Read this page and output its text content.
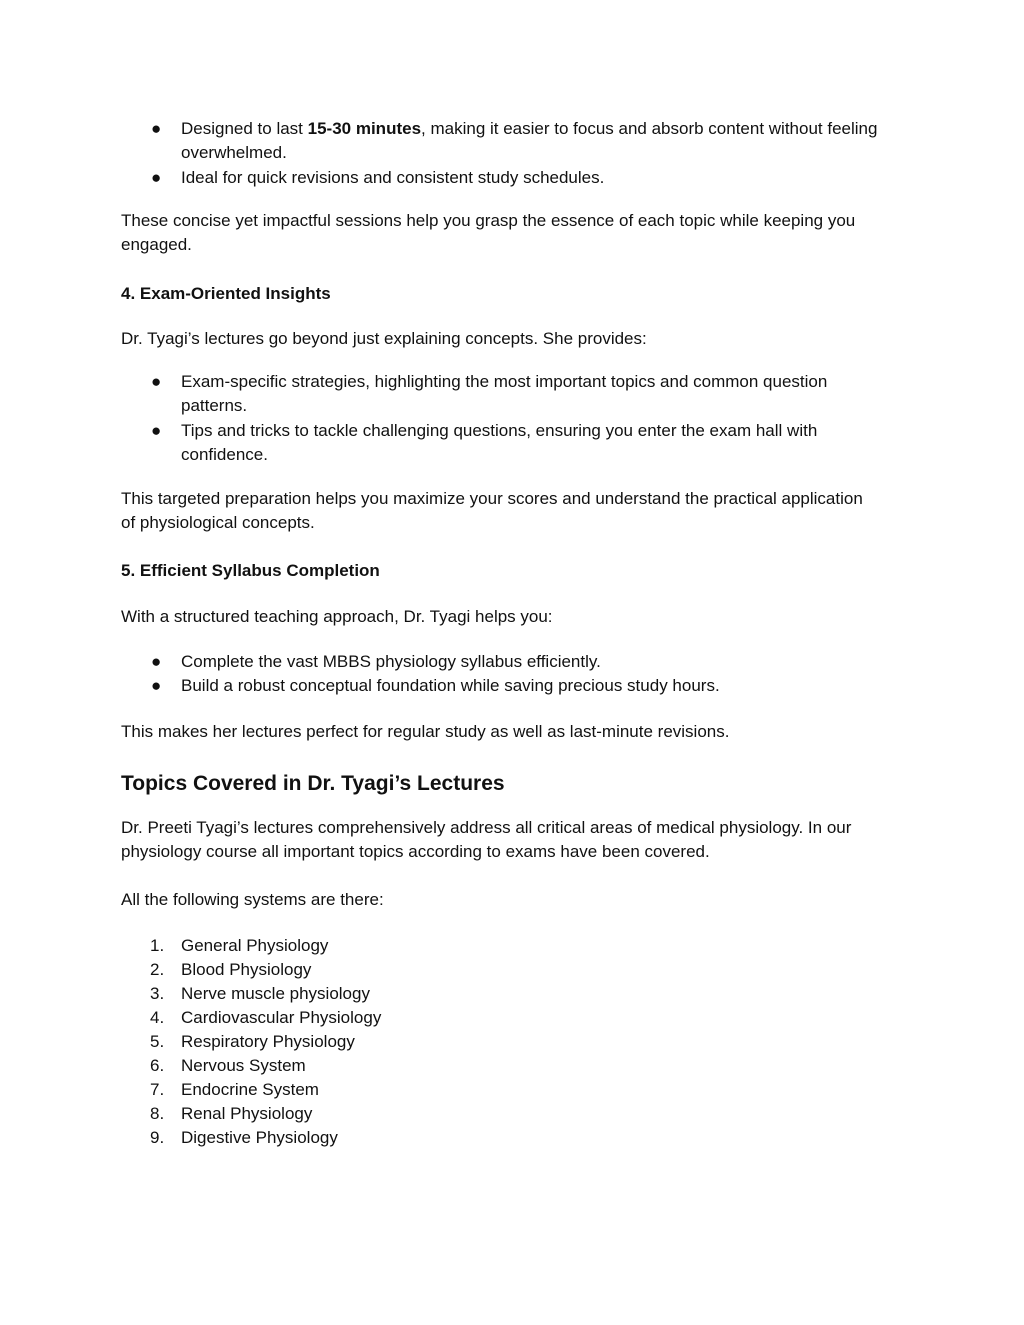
●	Designed to last 15-30 minutes, making it easier to focus and absorb content without feeling overwhelmed.
●	Ideal for quick revisions and consistent study schedules.

These concise yet impactful sessions help you grasp the essence of each topic while keeping you engaged.

4. Exam-Oriented Insights

Dr. Tyagi’s lectures go beyond just explaining concepts. She provides:

●	Exam-specific strategies, highlighting the most important topics and common question patterns.
●	Tips and tricks to tackle challenging questions, ensuring you enter the exam hall with confidence.

This targeted preparation helps you maximize your scores and understand the practical application of physiological concepts.

5. Efficient Syllabus Completion

With a structured teaching approach, Dr. Tyagi helps you:

●	Complete the vast MBBS physiology syllabus efficiently.
●	Build a robust conceptual foundation while saving precious study hours.

This makes her lectures perfect for regular study as well as last-minute revisions.

Topics Covered in Dr. Tyagi’s Lectures

Dr. Preeti Tyagi’s lectures comprehensively address all critical areas of medical physiology. In our physiology course all important topics according to exams have been covered.

All the following systems are there:

1. General Physiology
2. Blood Physiology
3. Nerve muscle physiology
4. Cardiovascular Physiology
5. Respiratory Physiology
6. Nervous System
7. Endocrine System
8. Renal Physiology
9. Digestive Physiology
